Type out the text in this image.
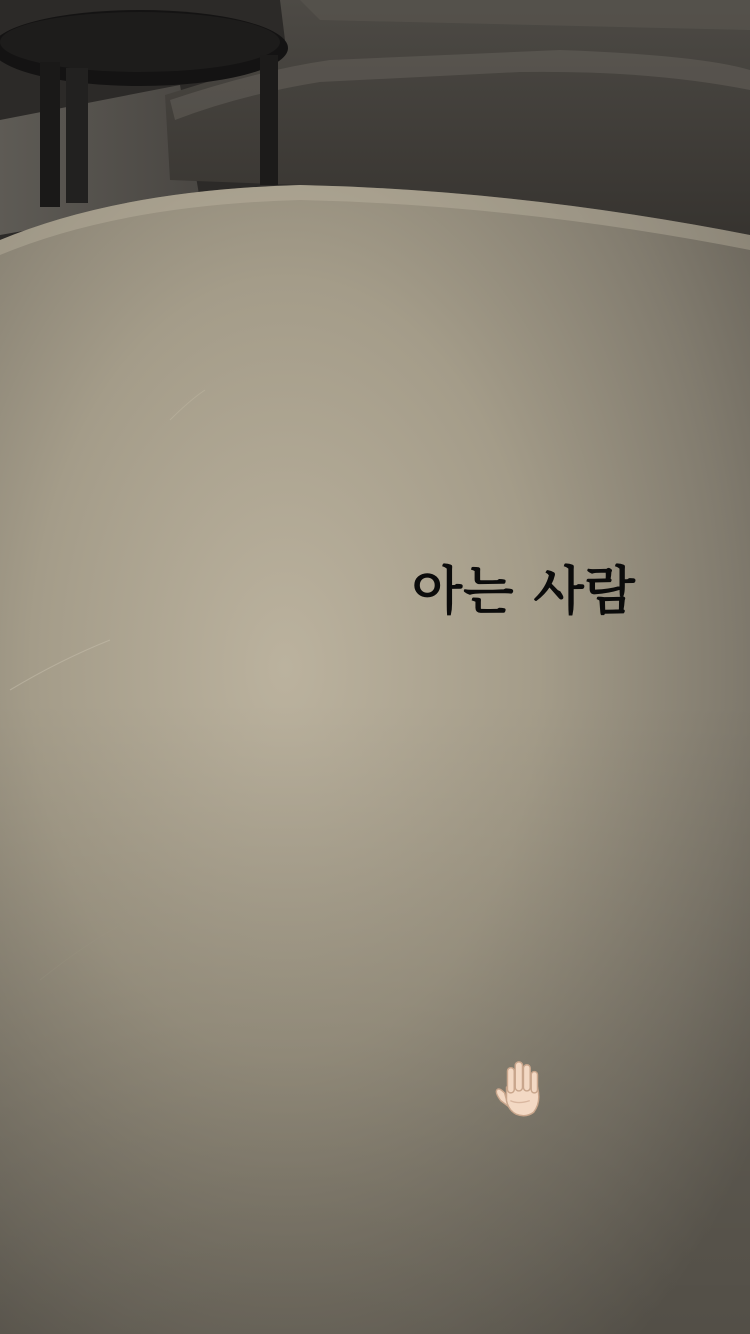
아는 사람
